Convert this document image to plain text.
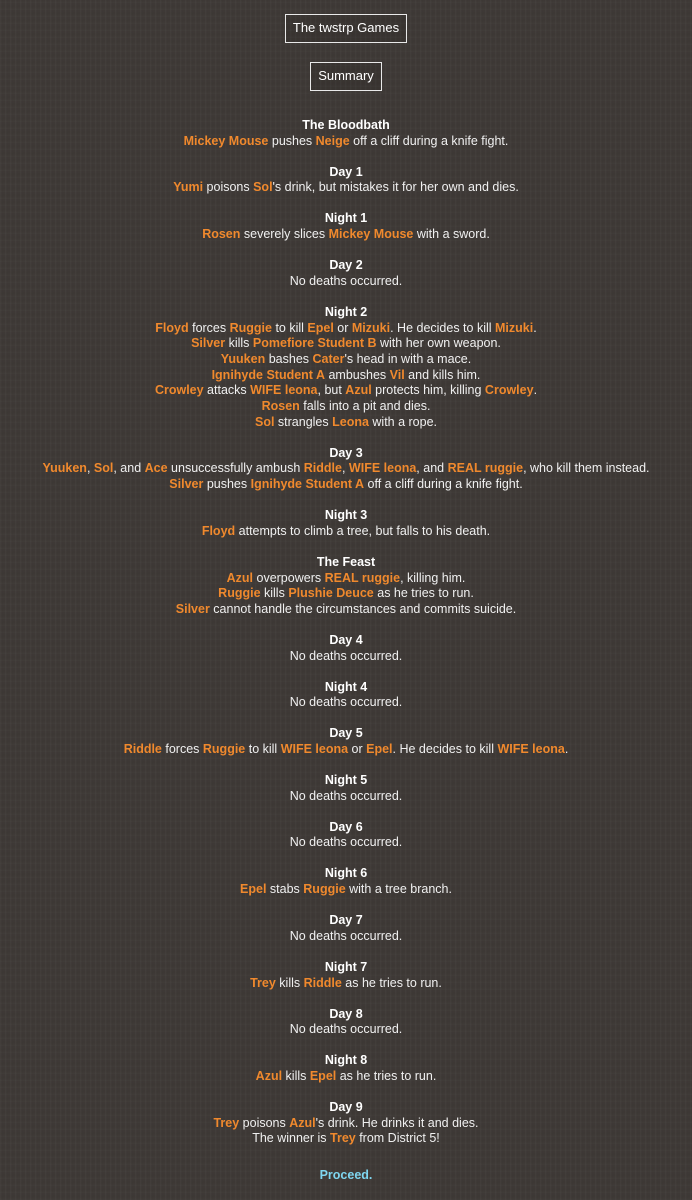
The twstrp Games
Summary
The Bloodbath
Mickey Mouse pushes Neige off a cliff during a knife fight.
Day 1
Yumi poisons Sol's drink, but mistakes it for her own and dies.
Night 1
Rosen severely slices Mickey Mouse with a sword.
Day 2
No deaths occurred.
Night 2
Floyd forces Ruggie to kill Epel or Mizuki. He decides to kill Mizuki.
Silver kills Pomefiore Student B with her own weapon.
Yuuken bashes Cater's head in with a mace.
Ignihyde Student A ambushes Vil and kills him.
Crowley attacks WIFE leona, but Azul protects him, killing Crowley.
Rosen falls into a pit and dies.
Sol strangles Leona with a rope.
Day 3
Yuuken, Sol, and Ace unsuccessfully ambush Riddle, WIFE leona, and REAL ruggie, who kill them instead.
Silver pushes Ignihyde Student A off a cliff during a knife fight.
Night 3
Floyd attempts to climb a tree, but falls to his death.
The Feast
Azul overpowers REAL ruggie, killing him.
Ruggie kills Plushie Deuce as he tries to run.
Silver cannot handle the circumstances and commits suicide.
Day 4
No deaths occurred.
Night 4
No deaths occurred.
Day 5
Riddle forces Ruggie to kill WIFE leona or Epel. He decides to kill WIFE leona.
Night 5
No deaths occurred.
Day 6
No deaths occurred.
Night 6
Epel stabs Ruggie with a tree branch.
Day 7
No deaths occurred.
Night 7
Trey kills Riddle as he tries to run.
Day 8
No deaths occurred.
Night 8
Azul kills Epel as he tries to run.
Day 9
Trey poisons Azul's drink. He drinks it and dies.
The winner is Trey from District 5!
Proceed.
